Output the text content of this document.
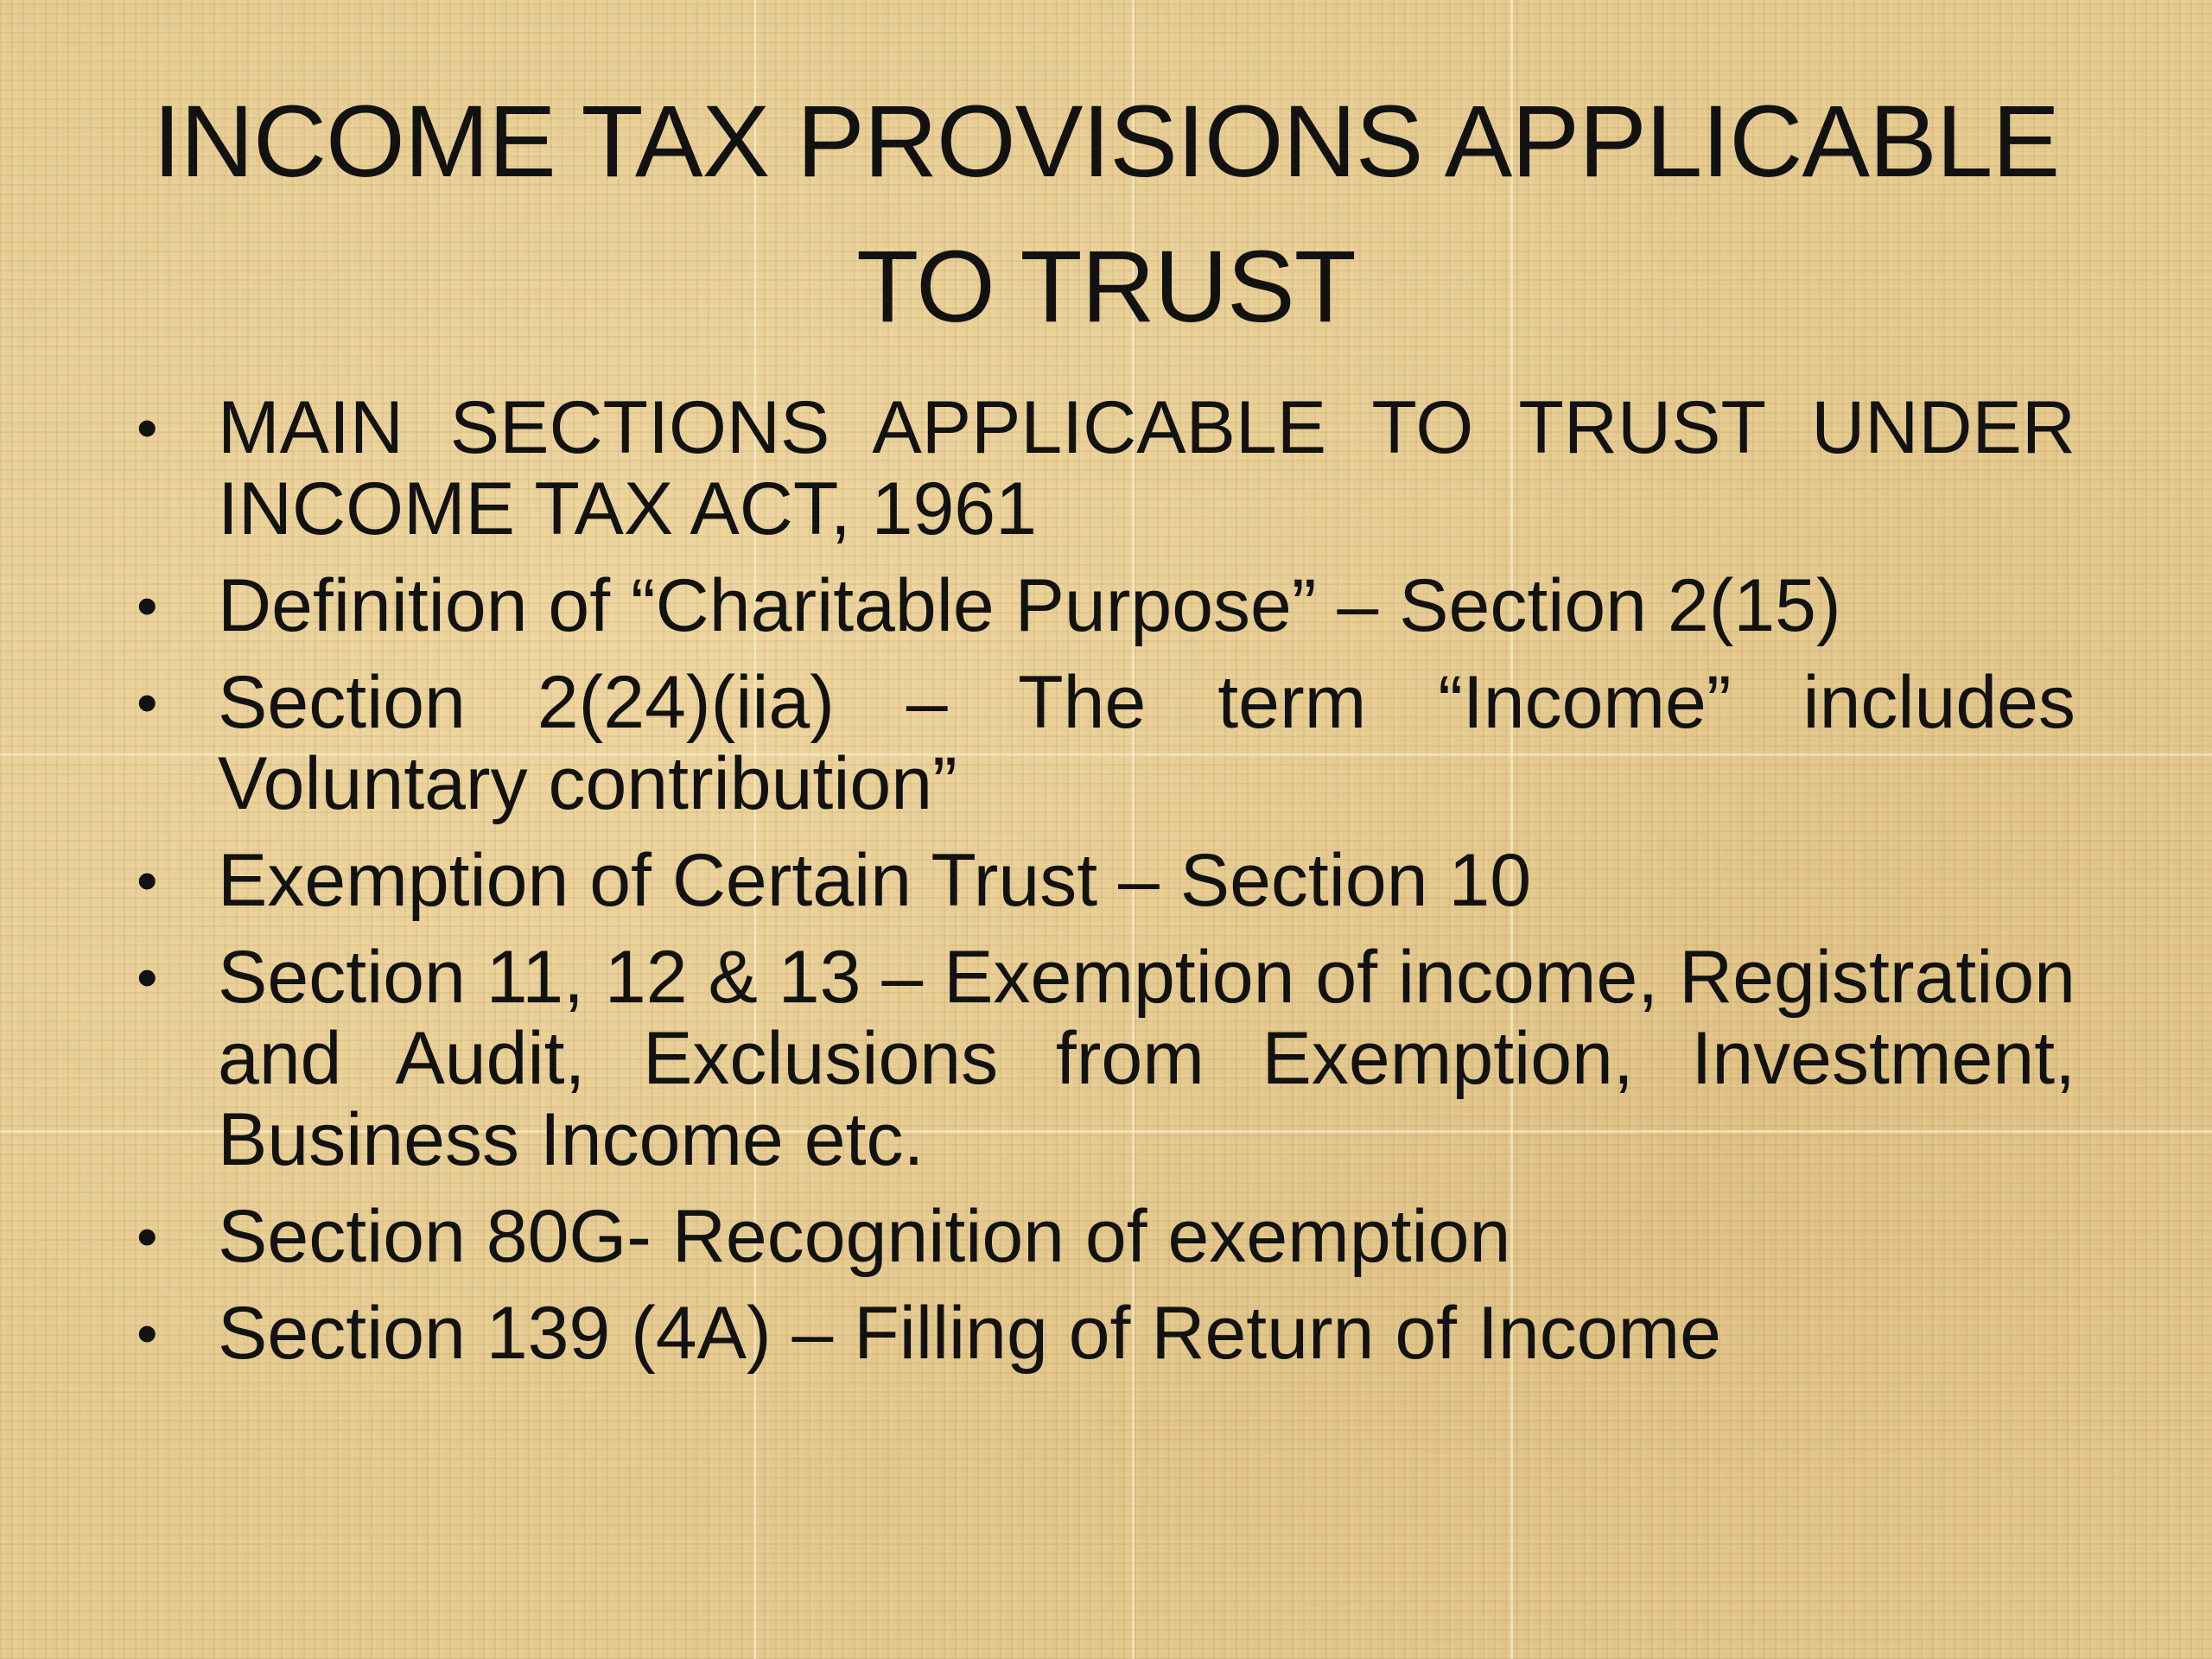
INCOME TAX PROVISIONS APPLICABLE TO TRUST
• MAIN SECTIONS APPLICABLE TO TRUST UNDER INCOME TAX ACT, 1961
• Definition of “Charitable Purpose” – Section 2(15)
• Section 2(24)(iia) – The term “Income” includes Voluntary contribution”
• Exemption of Certain Trust – Section 10
• Section 11, 12 & 13 – Exemption of income, Registration and Audit, Exclusions from Exemption, Investment, Business Income etc.
• Section 80G- Recognition of exemption
• Section 139 (4A) – Filling of Return of Income
